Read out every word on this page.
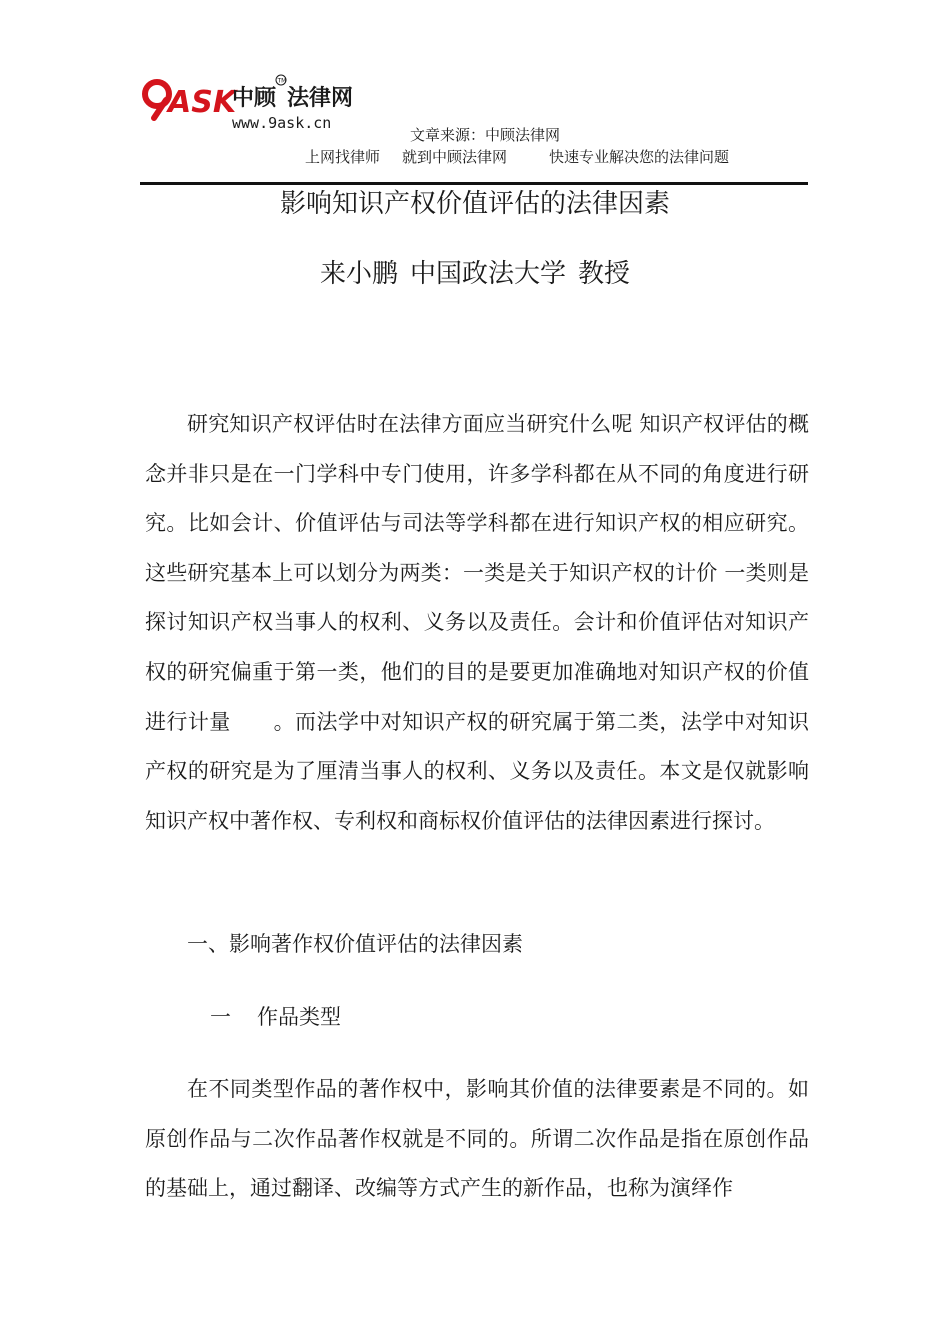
ASK
中顾 法律网
TM
www.9ask.cn
文章来源：中顾法律网
上网找律师 就到中顾法律网	快速专业解决您的法律问题
影响知识产权价值评估的法律因素
来小鹏 中国政法大学 教授

研究知识产权评估时在法律方面应当研究什么呢 知识产权评估的概念并非只是在一门学科中专门使用，许多学科都在从不同的角度进行研究。比如会计、价值评估与司法等学科都在进行知识产权的相应研究。这些研究基本上可以划分为两类：一类是关于知识产权的计价 一类则是探讨知识产权当事人的权利、义务以及责任。会计和价值评估对知识产权的研究偏重于第一类，他们的目的是要更加准确地对知识产权的价值进行计量　　。而法学中对知识产权的研究属于第二类，法学中对知识产权的研究是为了厘清当事人的权利、义务以及责任。本文是仅就影响知识产权中著作权、专利权和商标权价值评估的法律因素进行探讨。

一、影响著作权价值评估的法律因素
一 作品类型

在不同类型作品的著作权中，影响其价值的法律要素是不同的。如原创作品与二次作品著作权就是不同的。所谓二次作品是指在原创作品的基础上，通过翻译、改编等方式产生的新作品，也称为演绎作
